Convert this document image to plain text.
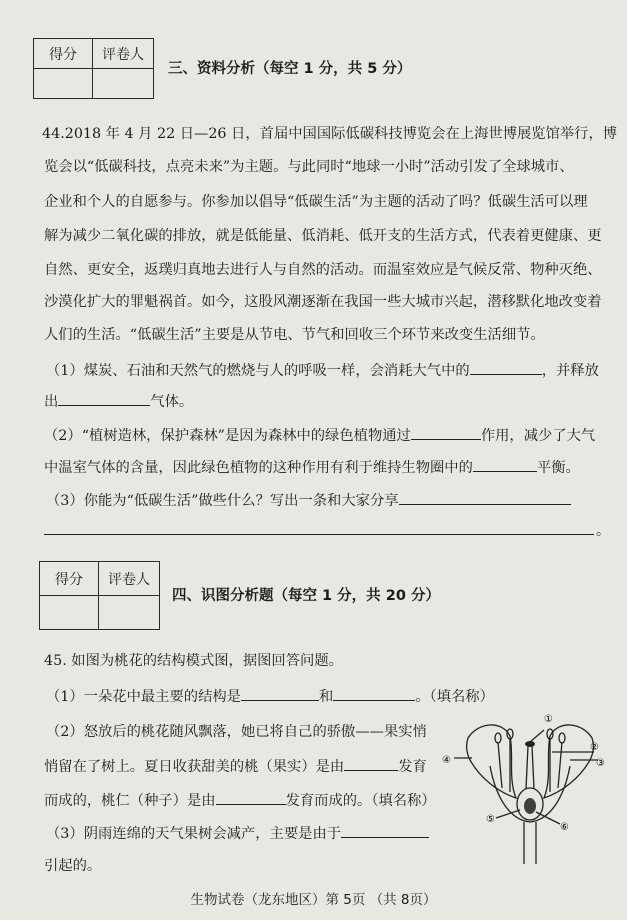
得分	评卷人

三、资料分析（每空 1 分，共 5 分）
44.2018 年 4 月 22 日—26 日，首届中国国际低碳科技博览会在上海世博展览馆举行，博
览会以“低碳科技，点亮未来”为主题。与此同时“地球一小时”活动引发了全球城市、
企业和个人的自愿参与。你参加以倡导“低碳生活”为主题的活动了吗？低碳生活可以理
解为减少二氧化碳的排放，就是低能量、低消耗、低开支的生活方式，代表着更健康、更
自然、更安全，返璞归真地去进行人与自然的活动。而温室效应是气候反常、物种灭绝、
沙漠化扩大的罪魁祸首。如今，这股风潮逐渐在我国一些大城市兴起，潜移默化地改变着
人们的生活。“低碳生活”主要是从节电、节气和回收三个环节来改变生活细节。
（1）煤炭、石油和天然气的燃烧与人的呼吸一样，会消耗大气中的	，并释放
出	气体。
（2）“植树造林，保护森林”是因为森林中的绿色植物通过	作用，减少了大气
中温室气体的含量，因此绿色植物的这种作用有利于维持生物圈中的	平衡。
（3）你能为“低碳生活”做些什么？写出一条和大家分享
。
得分	评卷人

四、识图分析题（每空 1 分，共 20 分）
45. 如图为桃花的结构模式图，据图回答问题。
（1）一朵花中最主要的结构是	和	。（填名称）
（2）怒放后的桃花随风飘落，她已将自己的骄傲——果实悄
悄留在了树上。夏日收获甜美的桃（果实）是由	发育
而成的，桃仁（种子）是由	发育而成的。（填名称）
（3）阴雨连绵的天气果树会减产，主要是由于
引起的。
①
②
③
④
⑤
⑥
生物试卷（龙东地区）第 5页 （共 8页）
